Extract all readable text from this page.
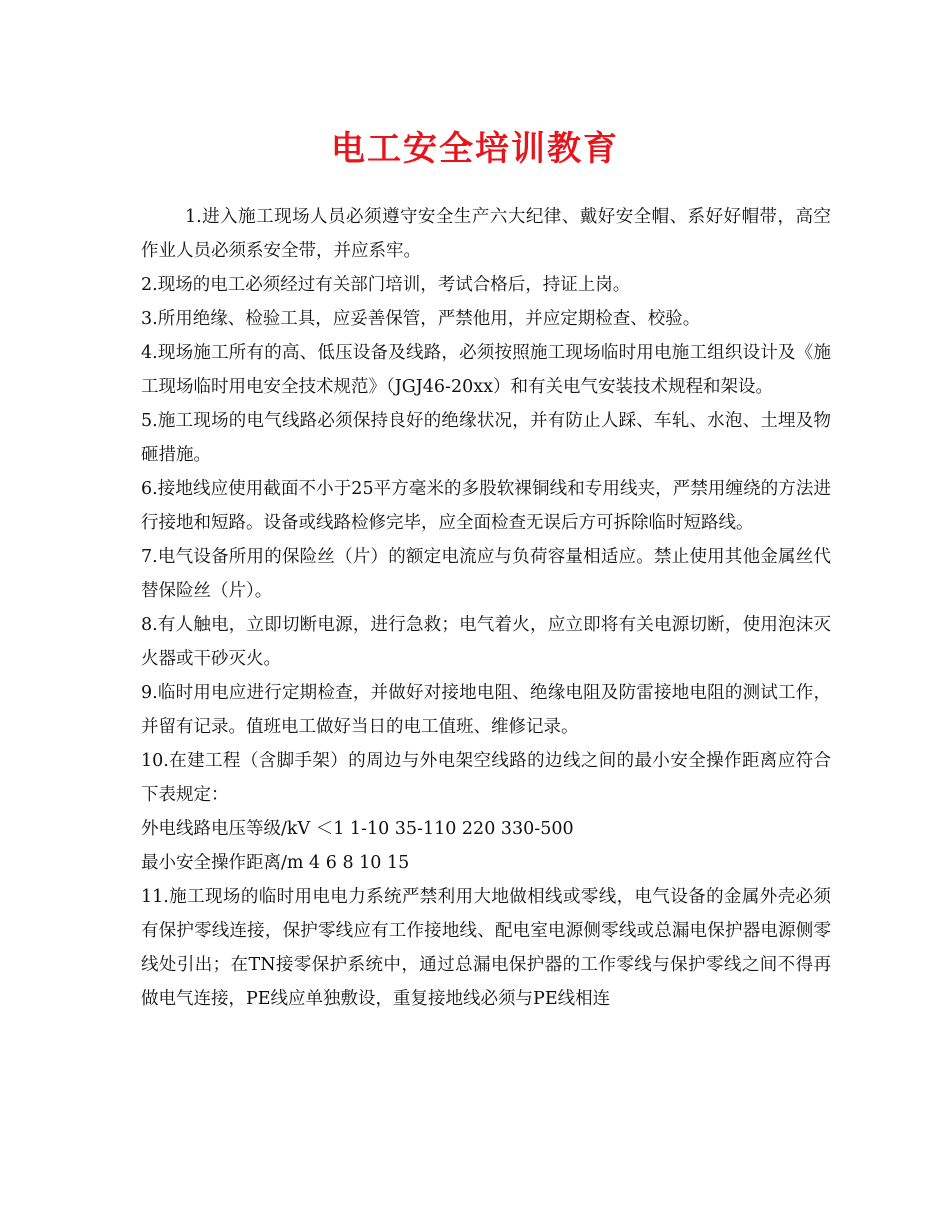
电工安全培训教育

1.进入施工现场人员必须遵守安全生产六大纪律、戴好安全帽、系好好帽带，高空作业人员必须系安全带，并应系牢。

2.现场的电工必须经过有关部门培训，考试合格后，持证上岗。

3.所用绝缘、检验工具，应妥善保管，严禁他用，并应定期检查、校验。

4.现场施工所有的高、低压设备及线路，必须按照施工现场临时用电施工组织设计及《施工现场临时用电安全技术规范》（JGJ46-20xx）和有关电气安装技术规程和架设。

5.施工现场的电气线路必须保持良好的绝缘状况，并有防止人踩、车轧、水泡、土埋及物砸措施。

6.接地线应使用截面不小于25平方毫米的多股软裸铜线和专用线夹，严禁用缠绕的方法进行接地和短路。设备或线路检修完毕，应全面检查无误后方可拆除临时短路线。

7.电气设备所用的保险丝（片）的额定电流应与负荷容量相适应。禁止使用其他金属丝代替保险丝（片）。

8.有人触电，立即切断电源，进行急救；电气着火，应立即将有关电源切断，使用泡沫灭火器或干砂灭火。

9.临时用电应进行定期检查，并做好对接地电阻、绝缘电阻及防雷接地电阻的测试工作，并留有记录。值班电工做好当日的电工值班、维修记录。

10.在建工程（含脚手架）的周边与外电架空线路的边线之间的最小安全操作距离应符合下表规定：

外电线路电压等级/kV ＜1 1-10 35-110 220 330-500

最小安全操作距离/m 4 6 8 10 15

11.施工现场的临时用电电力系统严禁利用大地做相线或零线，电气设备的金属外壳必须有保护零线连接，保护零线应有工作接地线、配电室电源侧零线或总漏电保护器电源侧零线处引出；在TN接零保护系统中，通过总漏电保护器的工作零线与保护零线之间不得再做电气连接，PE线应单独敷设，重复接地线必须与PE线相连
